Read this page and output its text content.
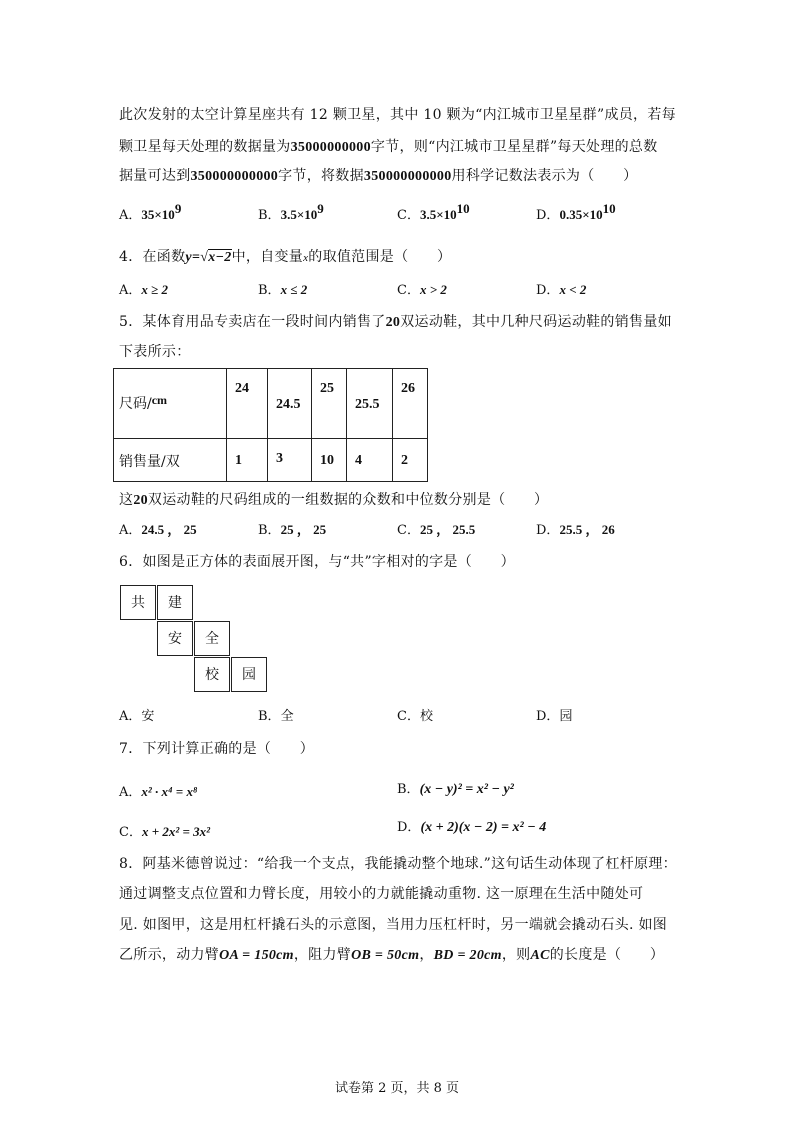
此次发射的太空计算星座共有 12 颗卫星，其中 10 颗为“内江城市卫星星群”成员，若每
颗卫星每天处理的数据量为35000000000字节，则“内江城市卫星星群”每天处理的总数
据量可达到350000000000字节，将数据350000000000用科学记数法表示为（　　）
A．$35\times 10^9$	B．$3.5\times 10^9$	C．$3.5\times 10^{10}$	D．$0.35\times 10^{10}$
4．在函数y=√x−2中，自变量x的取值范围是（　　）
A．x ≥ 2	B．x ≤ 2	C．x > 2	D．x < 2
5．某体育用品专卖店在一段时间内销售了20双运动鞋，其中几种尺码运动鞋的销售量如
下表所示：
尺码/cm	24	24.5	25	25.5	26

销售量/双	1	3	10	4	2
这20双运动鞋的尺码组成的一组数据的众数和中位数分别是（　　）
A．24.5 ， 25	B．25 ， 25	C．25 ， 25.5	D．25.5 ， 26
6．如图是正方体的表面展开图，与“共”字相对的字是（　　）
共	建
安	全
校	园
A．安	B．全	C．校	D．园
7．下列计算正确的是（　　）
A．x² · x⁴ = x⁸	B．(x − y)² = x² − y²
C．x + 2x² = 3x²	D．(x + 2)(x − 2) = x² − 4
8．阿基米德曾说过：“给我一个支点，我能撬动整个地球.”这句话生动体现了杠杆原理：
通过调整支点位置和力臂长度，用较小的力就能撬动重物. 这一原理在生活中随处可
见. 如图甲，这是用杠杆撬石头的示意图，当用力压杠杆时，另一端就会撬动石头. 如图
乙所示，动力臂OA = 150cm，阻力臂OB = 50cm，BD = 20cm，则AC的长度是（　　）
试卷第 2 页，共 8 页
